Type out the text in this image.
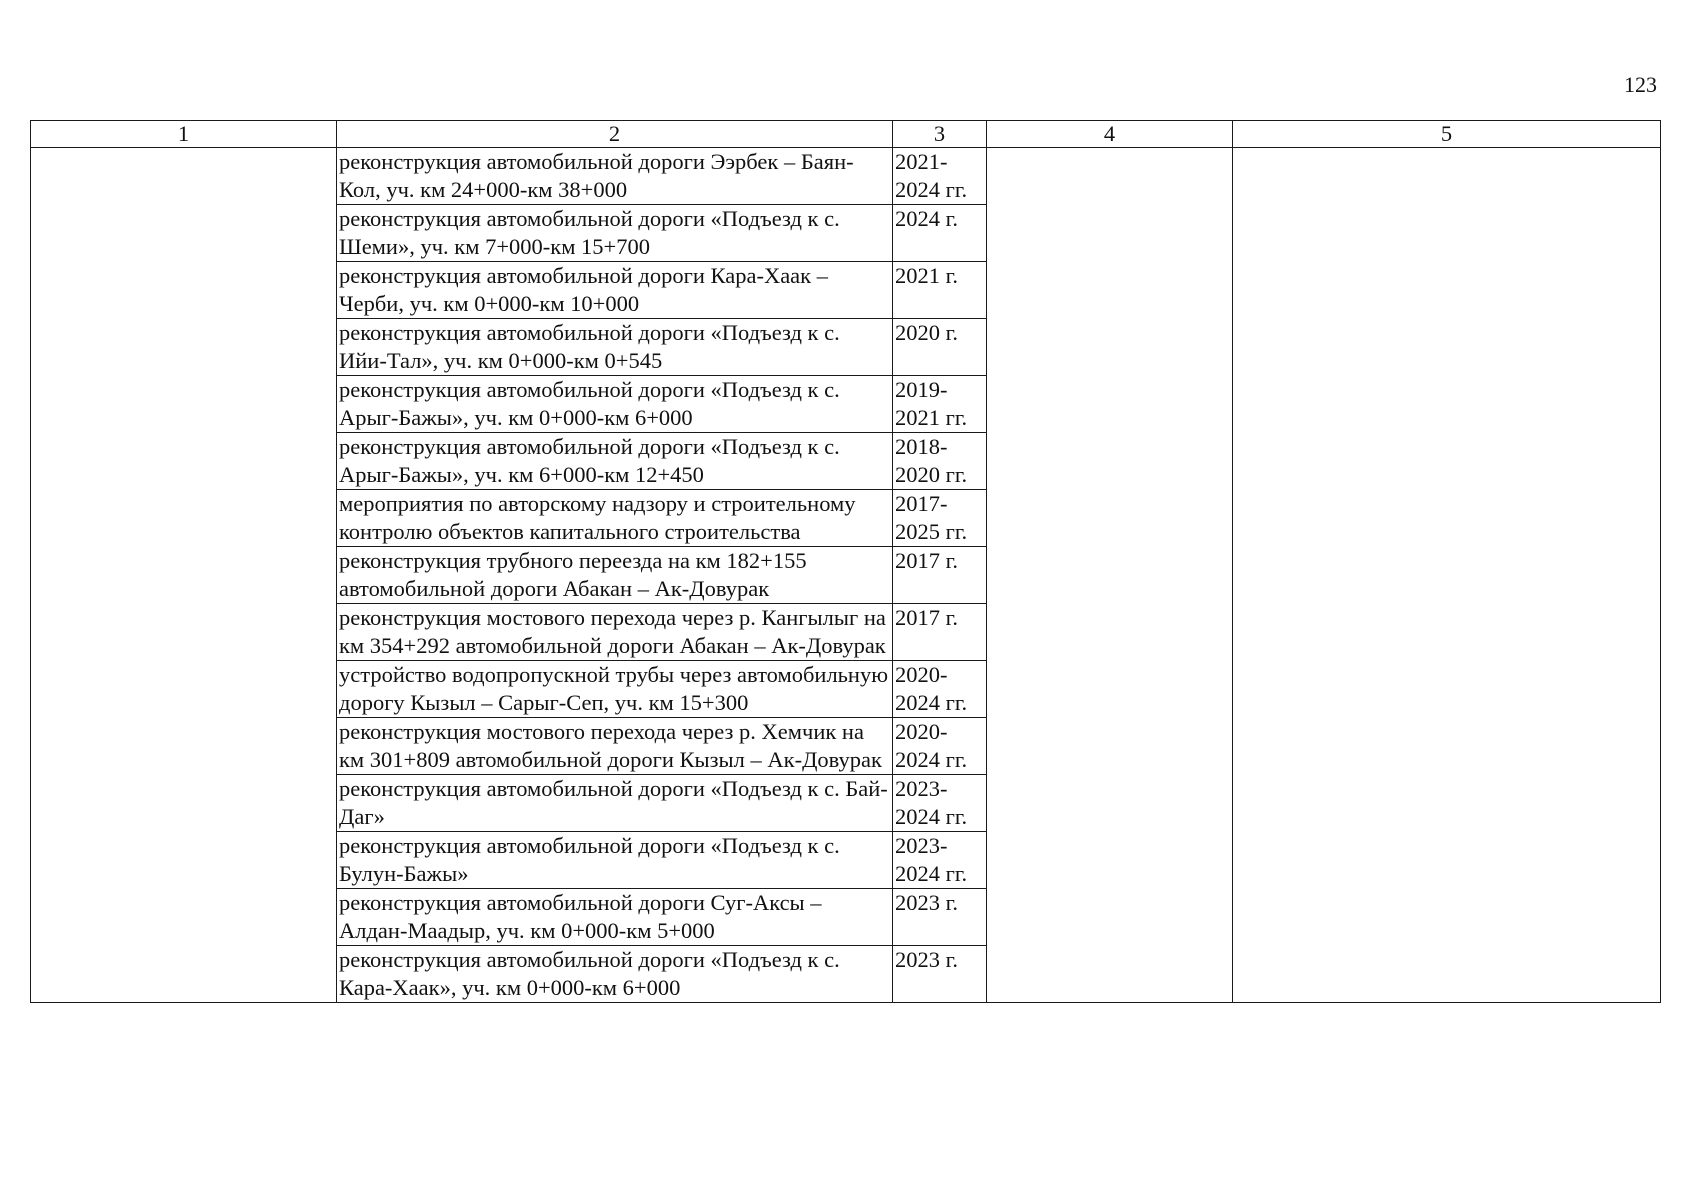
123
1	2	3	4	5
	реконструкция автомобильной дороги Ээрбек – Баян-Кол, уч. км 24+000-км 38+000	2021-
2024 гг.		
	реконструкция автомобильной дороги «Подъезд к с. Шеми», уч. км 7+000-км 15+700	2024 г.		
	реконструкция автомобильной дороги Кара-Хаак – Черби, уч. км 0+000-км 10+000	2021 г.		
	реконструкция автомобильной дороги «Подъезд к с. Ийи-Тал», уч. км 0+000-км 0+545	2020 г.		
	реконструкция автомобильной дороги «Подъезд к с. Арыг-Бажы», уч. км 0+000-км 6+000	2019-
2021 гг.		
	реконструкция автомобильной дороги «Подъезд к с. Арыг-Бажы», уч. км 6+000-км 12+450	2018-
2020 гг.		
	мероприятия по авторскому надзору и строительному контролю объектов капитального строительства	2017-
2025 гг.		
	реконструкция трубного переезда на км 182+155 автомобильной дороги Абакан – Ак-Довурак	2017 г.		
	реконструкция мостового перехода через р. Кангылыг на км 354+292 автомобильной дороги Абакан – Ак-Довурак	2017 г.		
	устройство водопропускной трубы через автомобильную дорогу Кызыл – Сарыг-Сеп, уч. км 15+300	2020-
2024 гг.		
	реконструкция мостового перехода через р. Хемчик на км 301+809 автомобильной дороги Кызыл – Ак-Довурак	2020-
2024 гг.		
	реконструкция автомобильной дороги «Подъезд к с. Бай-Даг»	2023-
2024 гг.		
	реконструкция автомобильной дороги «Подъезд к с. Булун-Бажы»	2023-
2024 гг.		
	реконструкция автомобильной дороги Суг-Аксы – Алдан-Маадыр, уч. км 0+000-км 5+000	2023 г.		
	реконструкция автомобильной дороги «Подъезд к с. Кара-Хаак», уч. км 0+000-км 6+000	2023 г.		
